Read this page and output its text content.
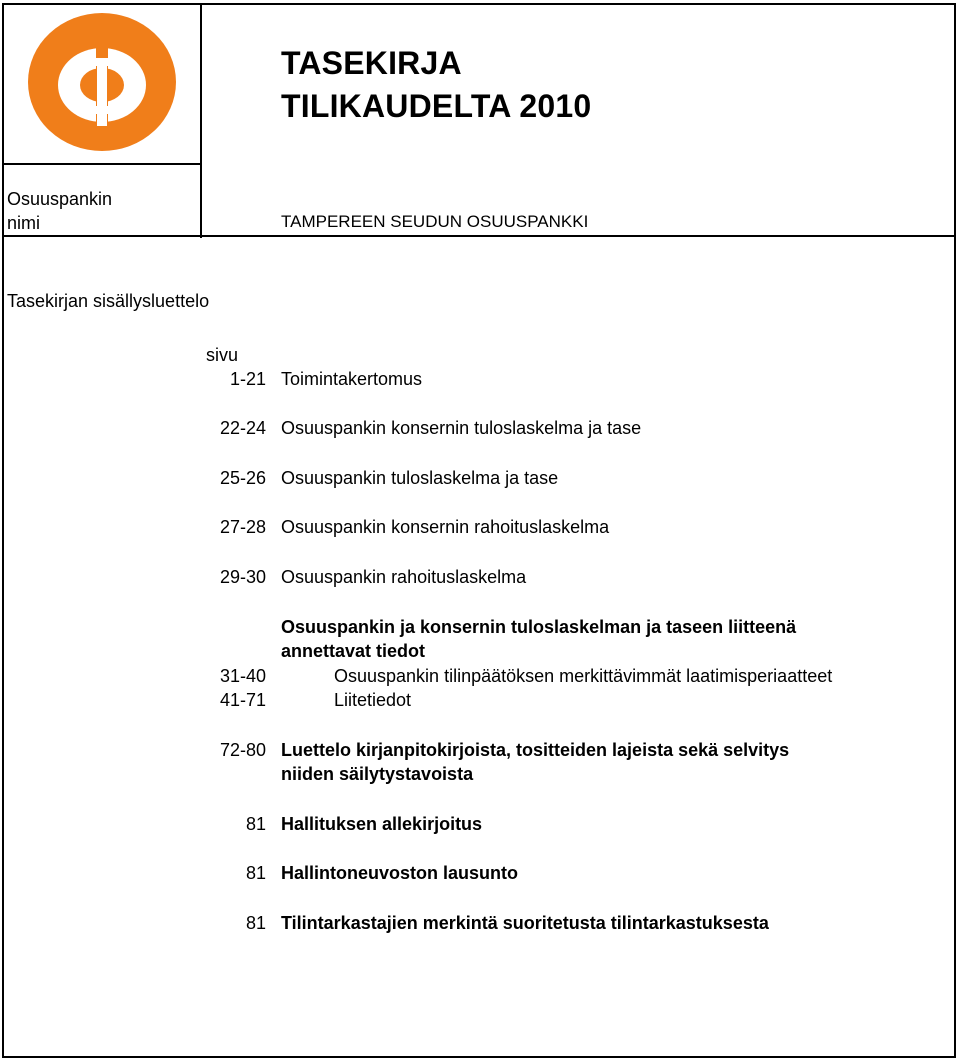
TASEKIRJA
TILIKAUDELTA 2010
Osuuspankin
nimi	TAMPEREEN SEUDUN OSUUSPANKKI
Tasekirjan sisällysluettelo
sivu
1-21 Toimintakertomus
22-24 Osuuspankin konsernin tuloslaskelma ja tase
25-26 Osuuspankin tuloslaskelma ja tase
27-28 Osuuspankin konsernin rahoituslaskelma
29-30 Osuuspankin rahoituslaskelma
Osuuspankin ja konsernin tuloslaskelman ja taseen liitteenä
annettavat tiedot
31-40	Osuuspankin tilinpäätöksen merkittävimmät laatimisperiaatteet
41-71	Liitetiedot
72-80 Luettelo kirjanpitokirjoista, tositteiden lajeista sekä selvitys
niiden säilytystavoista
81 Hallituksen allekirjoitus
81 Hallintoneuvoston lausunto
81 Tilintarkastajien merkintä suoritetusta tilintarkastuksesta
